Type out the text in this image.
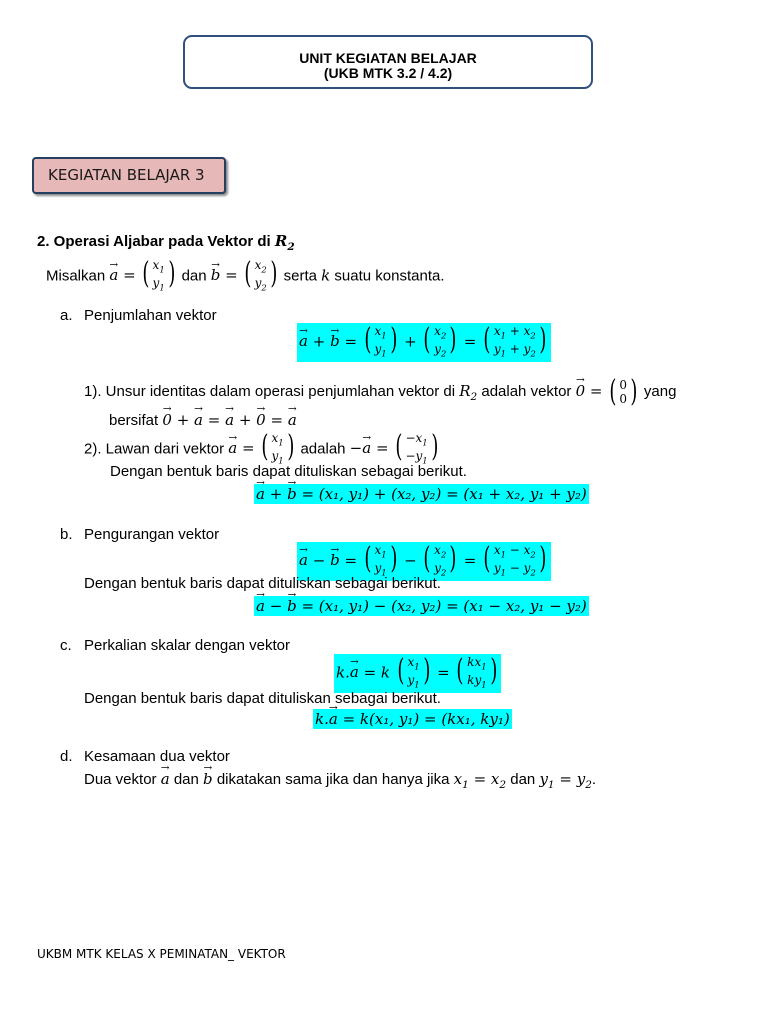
UNIT KEGIATAN BELAJAR
(UKB MTK 3.2 / 4.2)
KEGIATAN BELAJAR 3
2. Operasi Aljabar pada Vektor di $R_2$
Misalkan → a = ( $x_1$
$y_1$ ) dan → b = ( $x_2$
$y_2$ ) serta k suatu konstanta.
a. Penjumlahan vektor
→ a + → b = ( $x_1$
$y_1$ ) + ( $x_2$
$y_2$ ) = ( $x_1 + x_2$
$y_1 + y_2$ )
1). Unsur identitas dalam operasi penjumlahan vektor di $R_2$ adalah vektor → 0 = ( 0
0 ) yang
bersifat → 0 + → a = → a + → 0 = → a
2). Lawan dari vektor → a = ( $x_1$
$y_1$ ) adalah −→ a = ( $-x_1$
$-y_1$ )
Dengan bentuk baris dapat dituliskan sebagai berikut.
→ a + → b = (x₁, y₁) + (x₂, y₂) = (x₁ + x₂, y₁ + y₂)
b. Pengurangan vektor
→ a − → b = ( $x_1$
$y_1$ ) − ( $x_2$
$y_2$ ) = ( $x_1 - x_2$
$y_1 - y_2$ )
Dengan bentuk baris dapat dituliskan sebagai berikut.
→ a − → b = (x₁, y₁) − (x₂, y₂) = (x₁ − x₂, y₁ − y₂)
c. Perkalian skalar dengan vektor
k.→ a = k ( $x_1$
$y_1$ ) = ( $kx_1$
$ky_1$ )
Dengan bentuk baris dapat dituliskan sebagai berikut.
k.→ a = k(x₁, y₁) = (kx₁, ky₁)
d. Kesamaan dua vektor
Dua vektor → a dan → b dikatakan sama jika dan hanya jika $x_1 = x_2$ dan $y_1 = y_2$.
UKBM MTK KELAS X PEMINATAN_ VEKTOR
